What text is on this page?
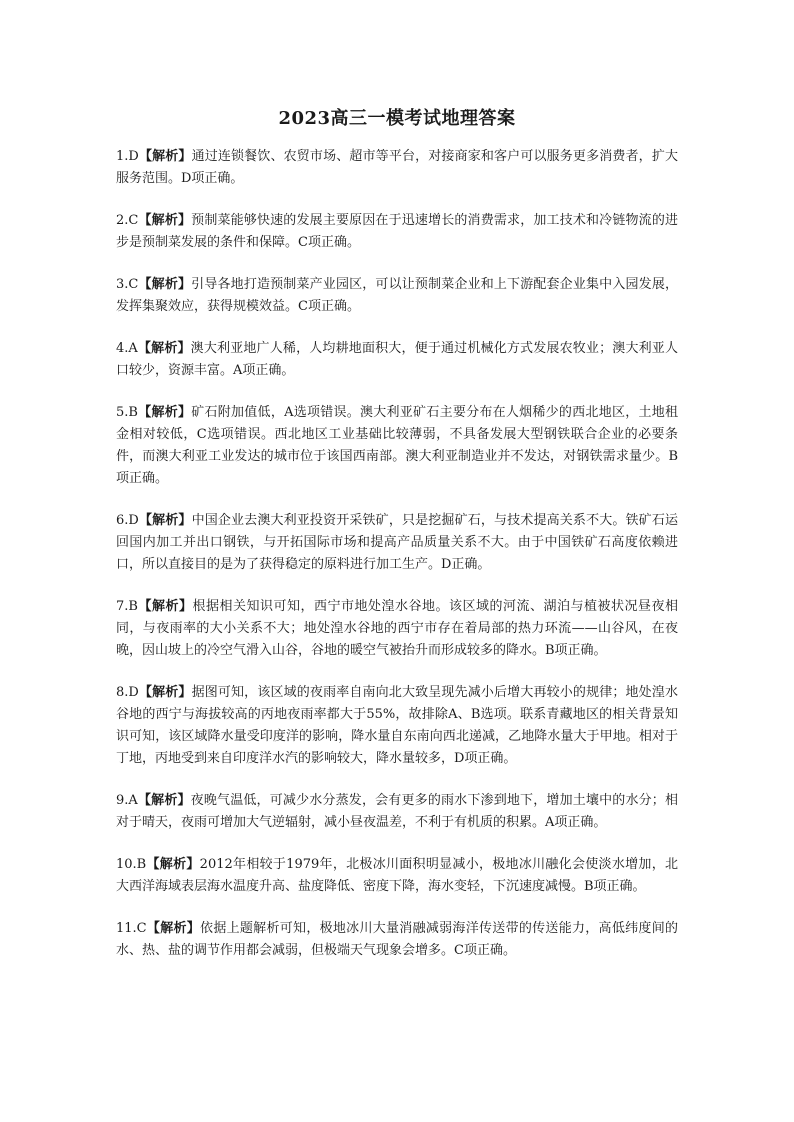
2023高三一模考试地理答案

1.D【解析】通过连锁餐饮、农贸市场、超市等平台，对接商家和客户可以服务更多消费者，扩大服务范围。D项正确。

2.C【解析】预制菜能够快速的发展主要原因在于迅速增长的消费需求，加工技术和冷链物流的进步是预制菜发展的条件和保障。C项正确。

3.C【解析】引导各地打造预制菜产业园区，可以让预制菜企业和上下游配套企业集中入园发展，发挥集聚效应，获得规模效益。C项正确。

4.A【解析】澳大利亚地广人稀，人均耕地面积大，便于通过机械化方式发展农牧业；澳大利亚人口较少，资源丰富。A项正确。

5.B【解析】矿石附加值低，A选项错误。澳大利亚矿石主要分布在人烟稀少的西北地区，土地租金相对较低，C选项错误。西北地区工业基础比较薄弱，不具备发展大型钢铁联合企业的必要条件，而澳大利亚工业发达的城市位于该国西南部。澳大利亚制造业并不发达，对钢铁需求量少。B项正确。

6.D【解析】中国企业去澳大利亚投资开采铁矿，只是挖掘矿石，与技术提高关系不大。铁矿石运回国内加工并出口钢铁，与开拓国际市场和提高产品质量关系不大。由于中国铁矿石高度依赖进口，所以直接目的是为了获得稳定的原料进行加工生产。D正确。

7.B【解析】根据相关知识可知，西宁市地处湟水谷地。该区域的河流、湖泊与植被状况昼夜相同，与夜雨率的大小关系不大；地处湟水谷地的西宁市存在着局部的热力环流——山谷风，在夜晚，因山坡上的冷空气滑入山谷，谷地的暖空气被抬升而形成较多的降水。B项正确。

8.D【解析】据图可知，该区域的夜雨率自南向北大致呈现先减小后增大再较小的规律；地处湟水谷地的西宁与海拔较高的丙地夜雨率都大于55%，故排除A、B选项。联系青藏地区的相关背景知识可知，该区域降水量受印度洋的影响，降水量自东南向西北递减，乙地降水量大于甲地。相对于丁地，丙地受到来自印度洋水汽的影响较大，降水量较多，D项正确。

9.A【解析】夜晚气温低，可减少水分蒸发，会有更多的雨水下渗到地下，增加土壤中的水分；相对于晴天，夜雨可增加大气逆辐射，减小昼夜温差，不利于有机质的积累。A项正确。

10.B【解析】2012年相较于1979年，北极冰川面积明显减小，极地冰川融化会使淡水增加，北大西洋海域表层海水温度升高、盐度降低、密度下降，海水变轻，下沉速度减慢。B项正确。

11.C【解析】依据上题解析可知，极地冰川大量消融减弱海洋传送带的传送能力，高低纬度间的水、热、盐的调节作用都会减弱，但极端天气现象会增多。C项正确。
